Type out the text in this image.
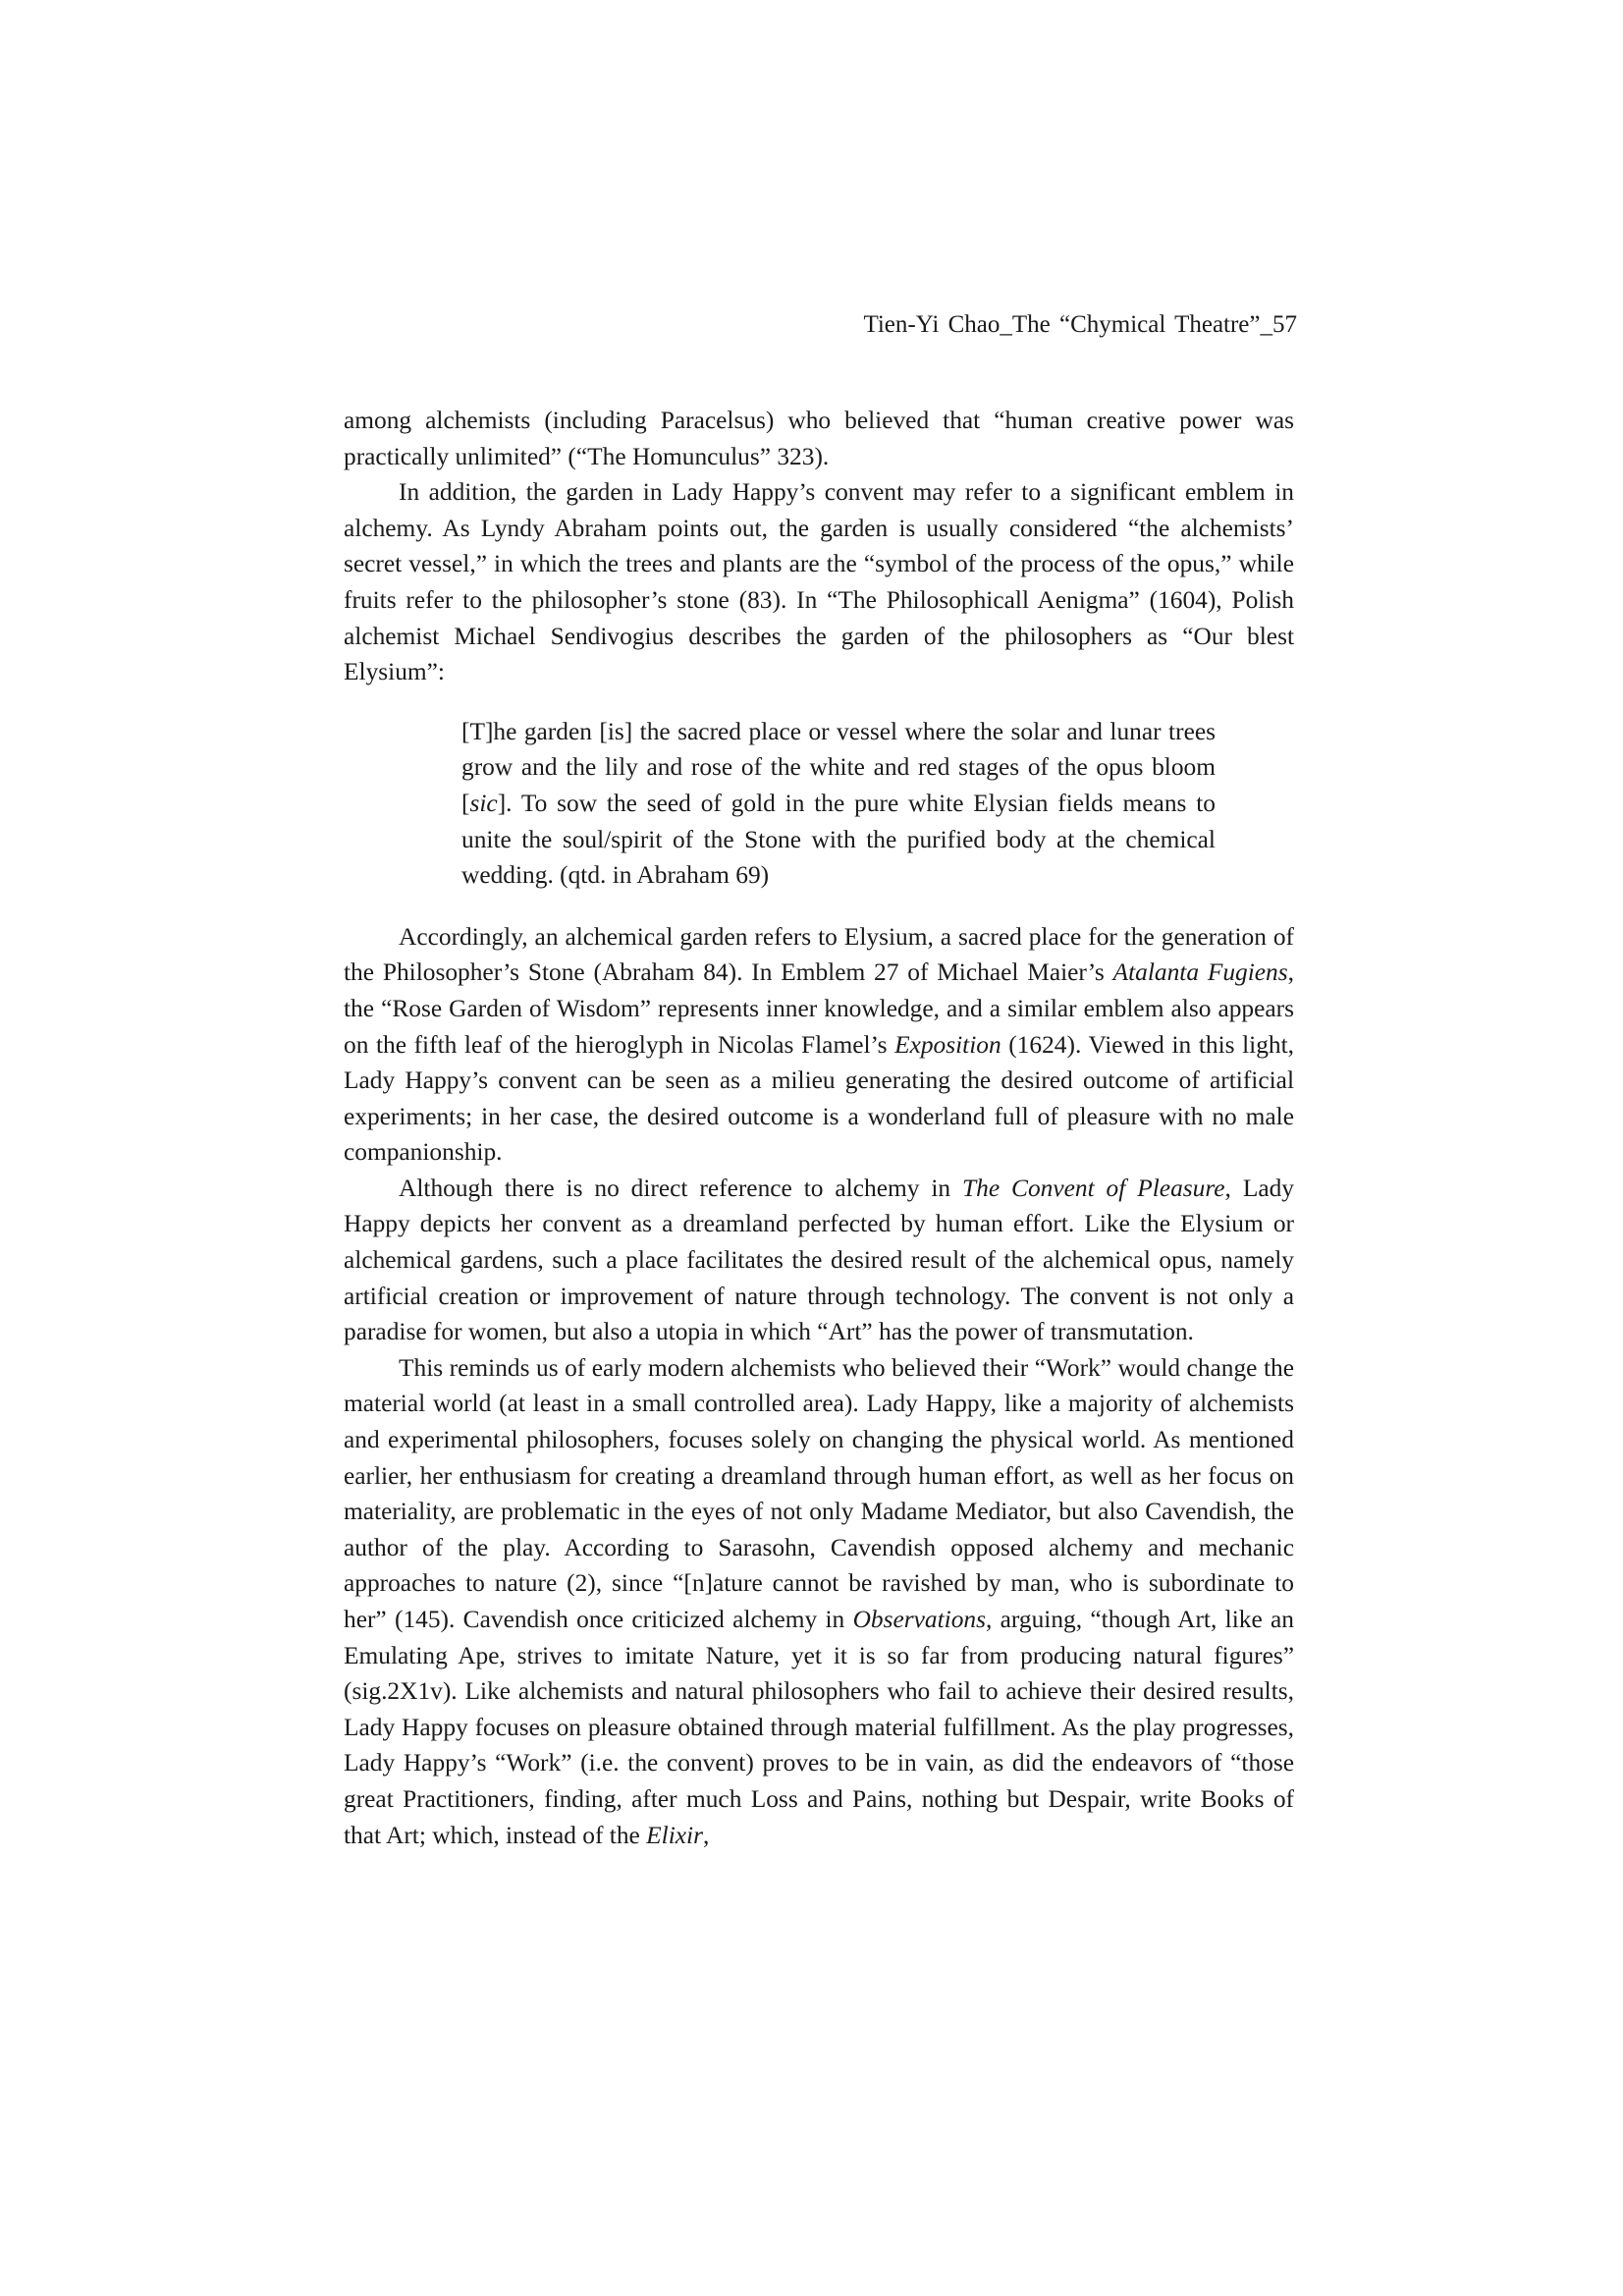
Tien-Yi Chao_The “Chymical Theatre”_57

among alchemists (including Paracelsus) who believed that “human creative power was practically unlimited” (“The Homunculus” 323).

In addition, the garden in Lady Happy’s convent may refer to a significant emblem in alchemy. As Lyndy Abraham points out, the garden is usually considered “the alchemists’ secret vessel,” in which the trees and plants are the “symbol of the process of the opus,” while fruits refer to the philosopher’s stone (83). In “The Philosophicall Aenigma” (1604), Polish alchemist Michael Sendivogius describes the garden of the philosophers as “Our blest Elysium”:

[T]he garden [is] the sacred place or vessel where the solar and lunar trees grow and the lily and rose of the white and red stages of the opus bloom [sic]. To sow the seed of gold in the pure white Elysian fields means to unite the soul/spirit of the Stone with the purified body at the chemical wedding. (qtd. in Abraham 69)

Accordingly, an alchemical garden refers to Elysium, a sacred place for the generation of the Philosopher’s Stone (Abraham 84). In Emblem 27 of Michael Maier’s Atalanta Fugiens, the “Rose Garden of Wisdom” represents inner knowledge, and a similar emblem also appears on the fifth leaf of the hieroglyph in Nicolas Flamel’s Exposition (1624). Viewed in this light, Lady Happy’s convent can be seen as a milieu generating the desired outcome of artificial experiments; in her case, the desired outcome is a wonderland full of pleasure with no male companionship.

Although there is no direct reference to alchemy in The Convent of Pleasure, Lady Happy depicts her convent as a dreamland perfected by human effort. Like the Elysium or alchemical gardens, such a place facilitates the desired result of the alchemical opus, namely artificial creation or improvement of nature through technology. The convent is not only a paradise for women, but also a utopia in which “Art” has the power of transmutation.

This reminds us of early modern alchemists who believed their “Work” would change the material world (at least in a small controlled area). Lady Happy, like a majority of alchemists and experimental philosophers, focuses solely on changing the physical world. As mentioned earlier, her enthusiasm for creating a dreamland through human effort, as well as her focus on materiality, are problematic in the eyes of not only Madame Mediator, but also Cavendish, the author of the play. According to Sarasohn, Cavendish opposed alchemy and mechanic approaches to nature (2), since “[n]ature cannot be ravished by man, who is subordinate to her” (145). Cavendish once criticized alchemy in Observations, arguing, “though Art, like an Emulating Ape, strives to imitate Nature, yet it is so far from producing natural figures” (sig.2X1v). Like alchemists and natural philosophers who fail to achieve their desired results, Lady Happy focuses on pleasure obtained through material fulfillment. As the play progresses, Lady Happy’s “Work” (i.e. the convent) proves to be in vain, as did the endeavors of “those great Practitioners, finding, after much Loss and Pains, nothing but Despair, write Books of that Art; which, instead of the Elixir,
